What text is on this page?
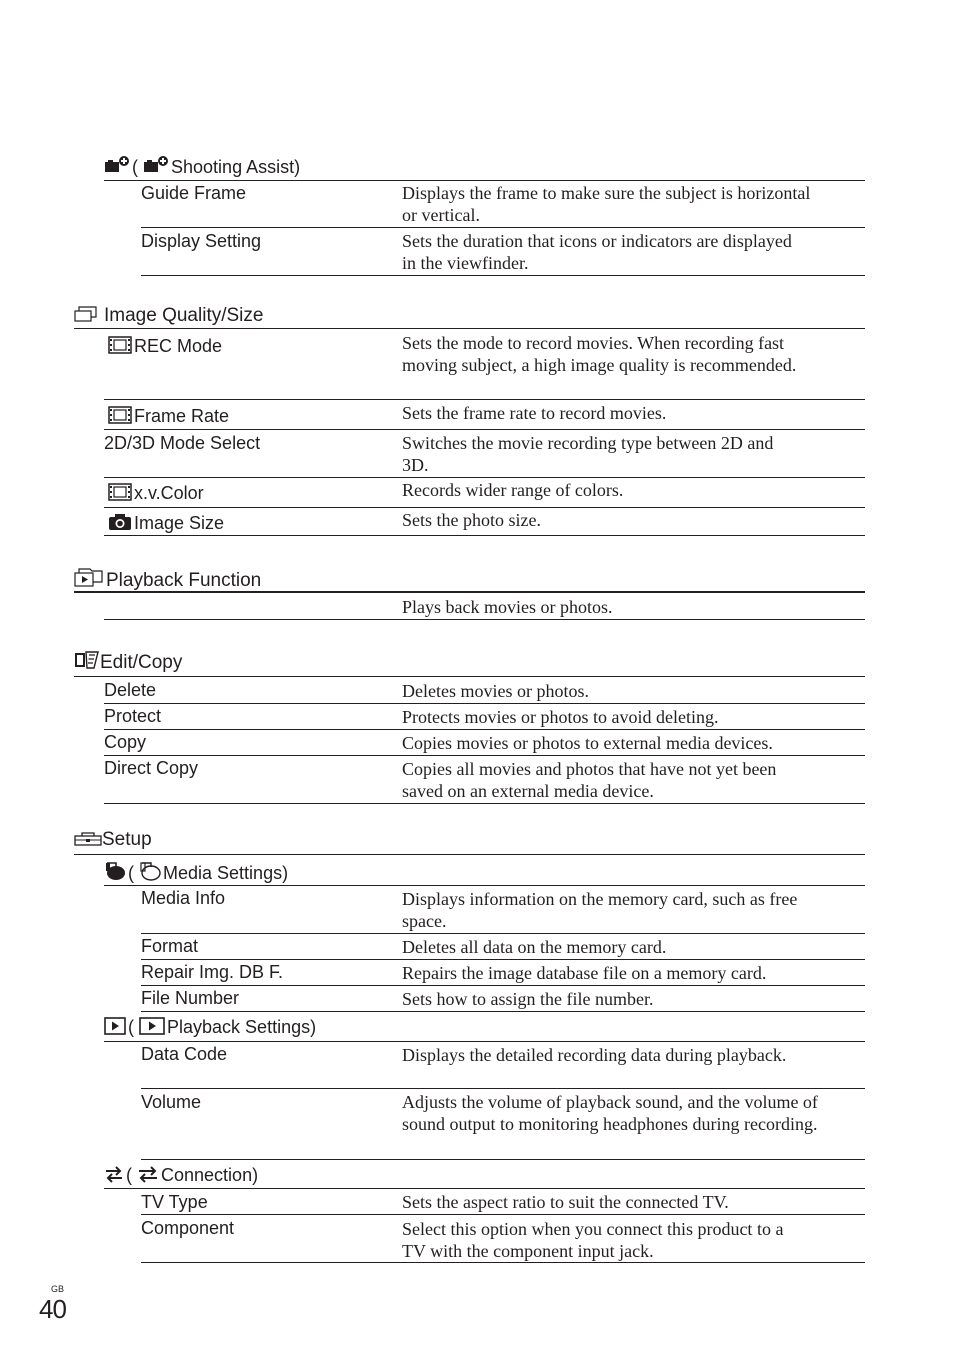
( Shooting Assist)
Guide Frame	Displays the frame to make sure the subject is horizontal or vertical.
Display Setting	Sets the duration that icons or indicators are displayed in the viewfinder.
Image Quality/Size
REC Mode	Sets the mode to record movies. When recording fast moving subject, a high image quality is recommended.
Frame Rate	Sets the frame rate to record movies.
2D/3D Mode Select	Switches the movie recording type between 2D and 3D.
x.v.Color	Records wider range of colors.
Image Size	Sets the photo size.
Playback Function
Plays back movies or photos.
Edit/Copy
Delete	Deletes movies or photos.
Protect	Protects movies or photos to avoid deleting.
Copy	Copies movies or photos to external media devices.
Direct Copy	Copies all movies and photos that have not yet been saved on an external media device.
Setup
( Media Settings)
Media Info	Displays information on the memory card, such as free space.
Format	Deletes all data on the memory card.
Repair Img. DB F.	Repairs the image database file on a memory card.
File Number	Sets how to assign the file number.
( Playback Settings)
Data Code	Displays the detailed recording data during playback.
Volume	Adjusts the volume of playback sound, and the volume of sound output to monitoring headphones during recording.
( Connection)
TV Type	Sets the aspect ratio to suit the connected TV.
Component	Select this option when you connect this product to a TV with the component input jack.
GB
40
